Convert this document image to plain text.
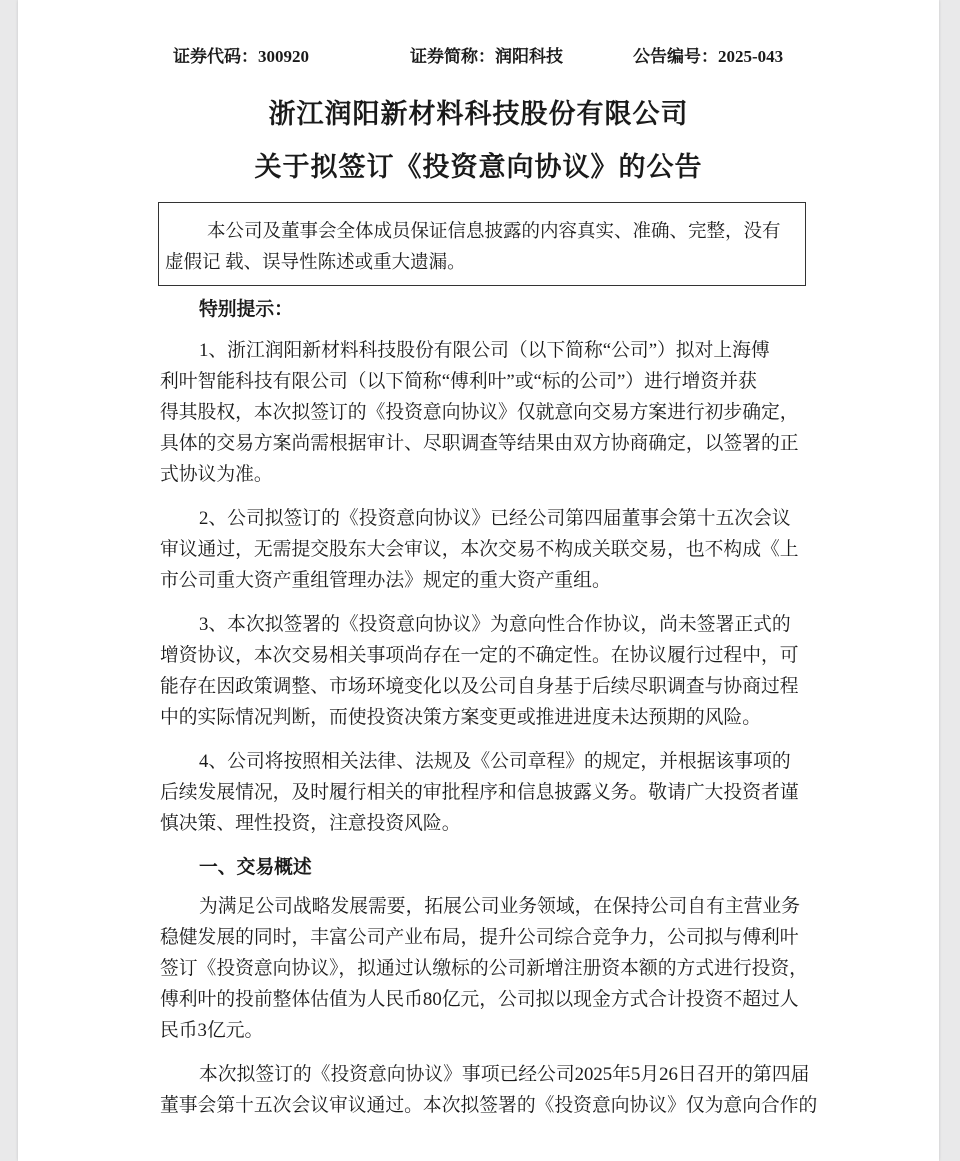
证券代码：300920	证券简称：润阳科技	公告编号：2025-043
浙江润阳新材料科技股份有限公司
关于拟签订《投资意向协议》的公告
本公司及董事会全体成员保证信息披露的内容真实、准确、完整，没有
虚假记 载、误导性陈述或重大遗漏。
特别提示：
1、浙江润阳新材料科技股份有限公司（以下简称“公司”）拟对上海傅
利叶智能科技有限公司（以下简称“傅利叶”或“标的公司”）进行增资并获
得其股权，本次拟签订的《投资意向协议》仅就意向交易方案进行初步确定，
具体的交易方案尚需根据审计、尽职调查等结果由双方协商确定，以签署的正
式协议为准。
2、公司拟签订的《投资意向协议》已经公司第四届董事会第十五次会议
审议通过，无需提交股东大会审议，本次交易不构成关联交易，也不构成《上
市公司重大资产重组管理办法》规定的重大资产重组。
3、本次拟签署的《投资意向协议》为意向性合作协议，尚未签署正式的
增资协议，本次交易相关事项尚存在一定的不确定性。在协议履行过程中，可
能存在因政策调整、市场环境变化以及公司自身基于后续尽职调查与协商过程
中的实际情况判断，而使投资决策方案变更或推进进度未达预期的风险。
4、公司将按照相关法律、法规及《公司章程》的规定，并根据该事项的
后续发展情况，及时履行相关的审批程序和信息披露义务。敬请广大投资者谨
慎决策、理性投资，注意投资风险。
一、交易概述
为满足公司战略发展需要，拓展公司业务领域，在保持公司自有主营业务
稳健发展的同时，丰富公司产业布局，提升公司综合竞争力，公司拟与傅利叶
签订《投资意向协议》，拟通过认缴标的公司新增注册资本额的方式进行投资，
傅利叶的投前整体估值为人民币80亿元，公司拟以现金方式合计投资不超过人
民币3亿元。
本次拟签订的《投资意向协议》事项已经公司2025年5月26日召开的第四届
董事会第十五次会议审议通过。本次拟签署的《投资意向协议》仅为意向合作的
